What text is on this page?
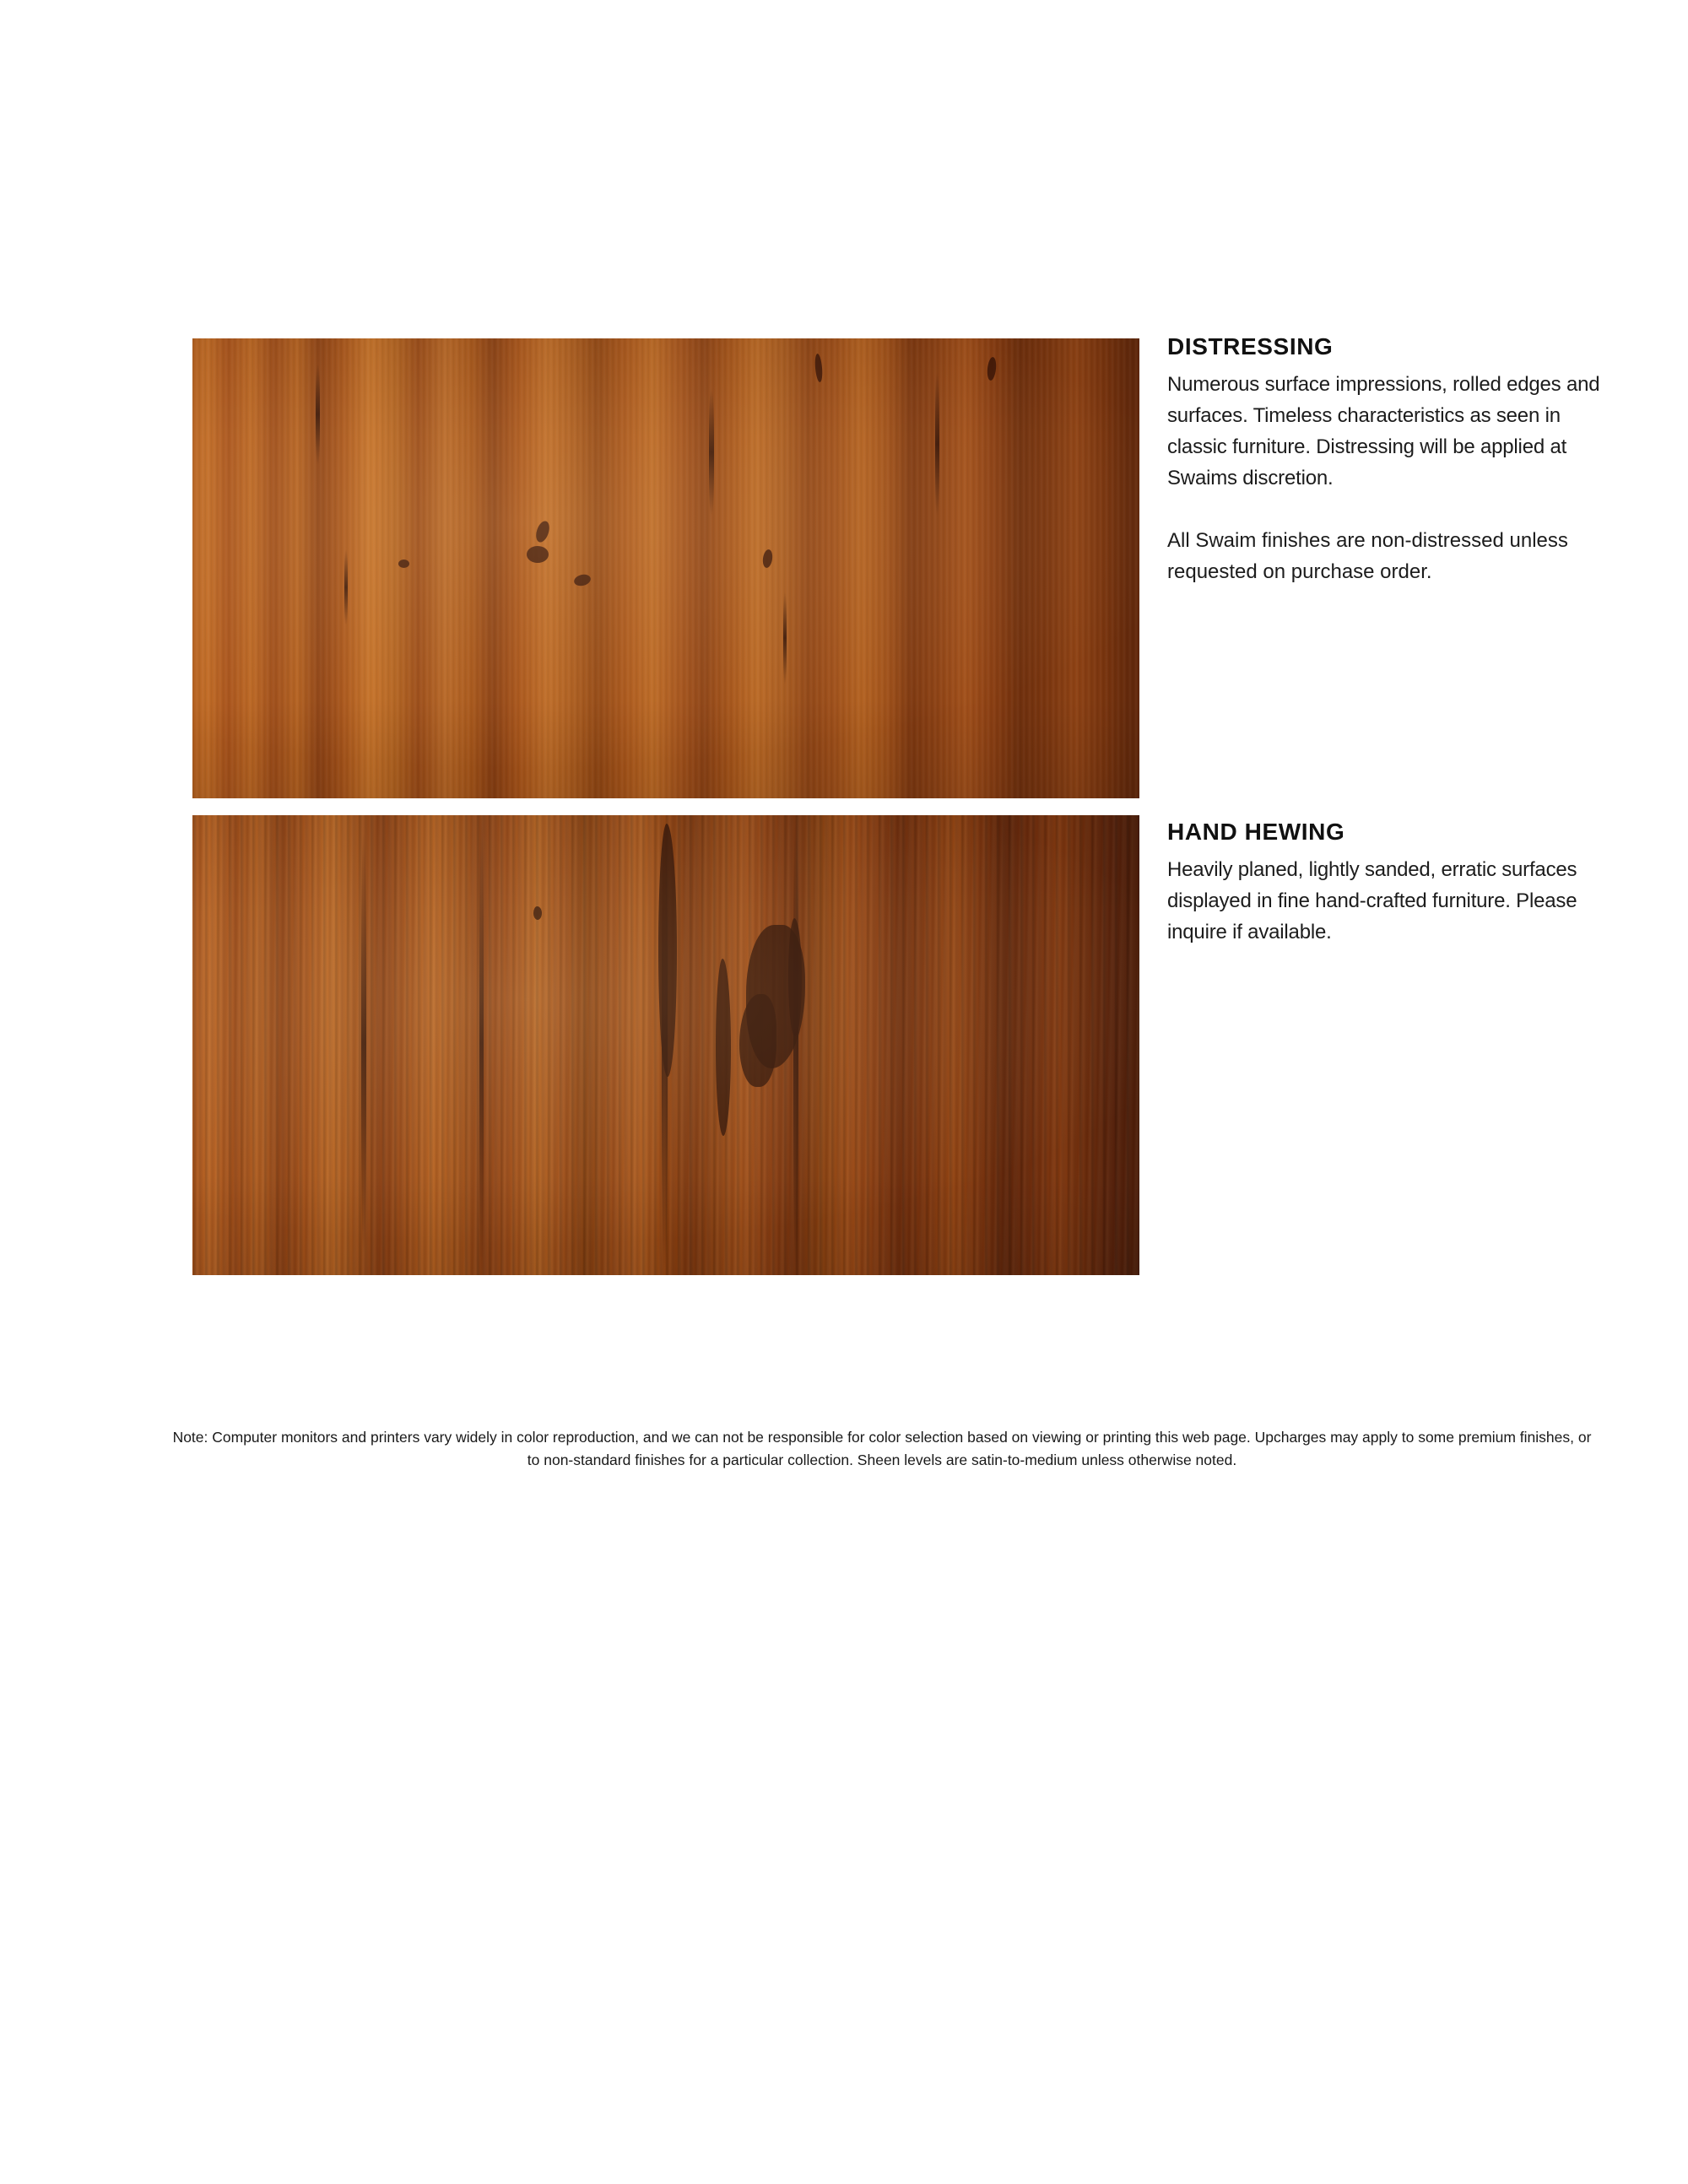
DISTRESSING

Numerous surface impressions, rolled edges and surfaces. Timeless characteristics as seen in classic furniture. Distressing will be applied at Swaims discretion.

All Swaim finishes are non-distressed unless requested on purchase order.

HAND HEWING

Heavily planed, lightly sanded, erratic surfaces displayed in fine hand-crafted furniture. Please inquire if available.

Note: Computer monitors and printers vary widely in color reproduction, and we can not be responsible for color selection based on viewing or printing this web page. Upcharges may apply to some premium finishes, or to non-standard finishes for a particular collection. Sheen levels are satin-to-medium unless otherwise noted.
